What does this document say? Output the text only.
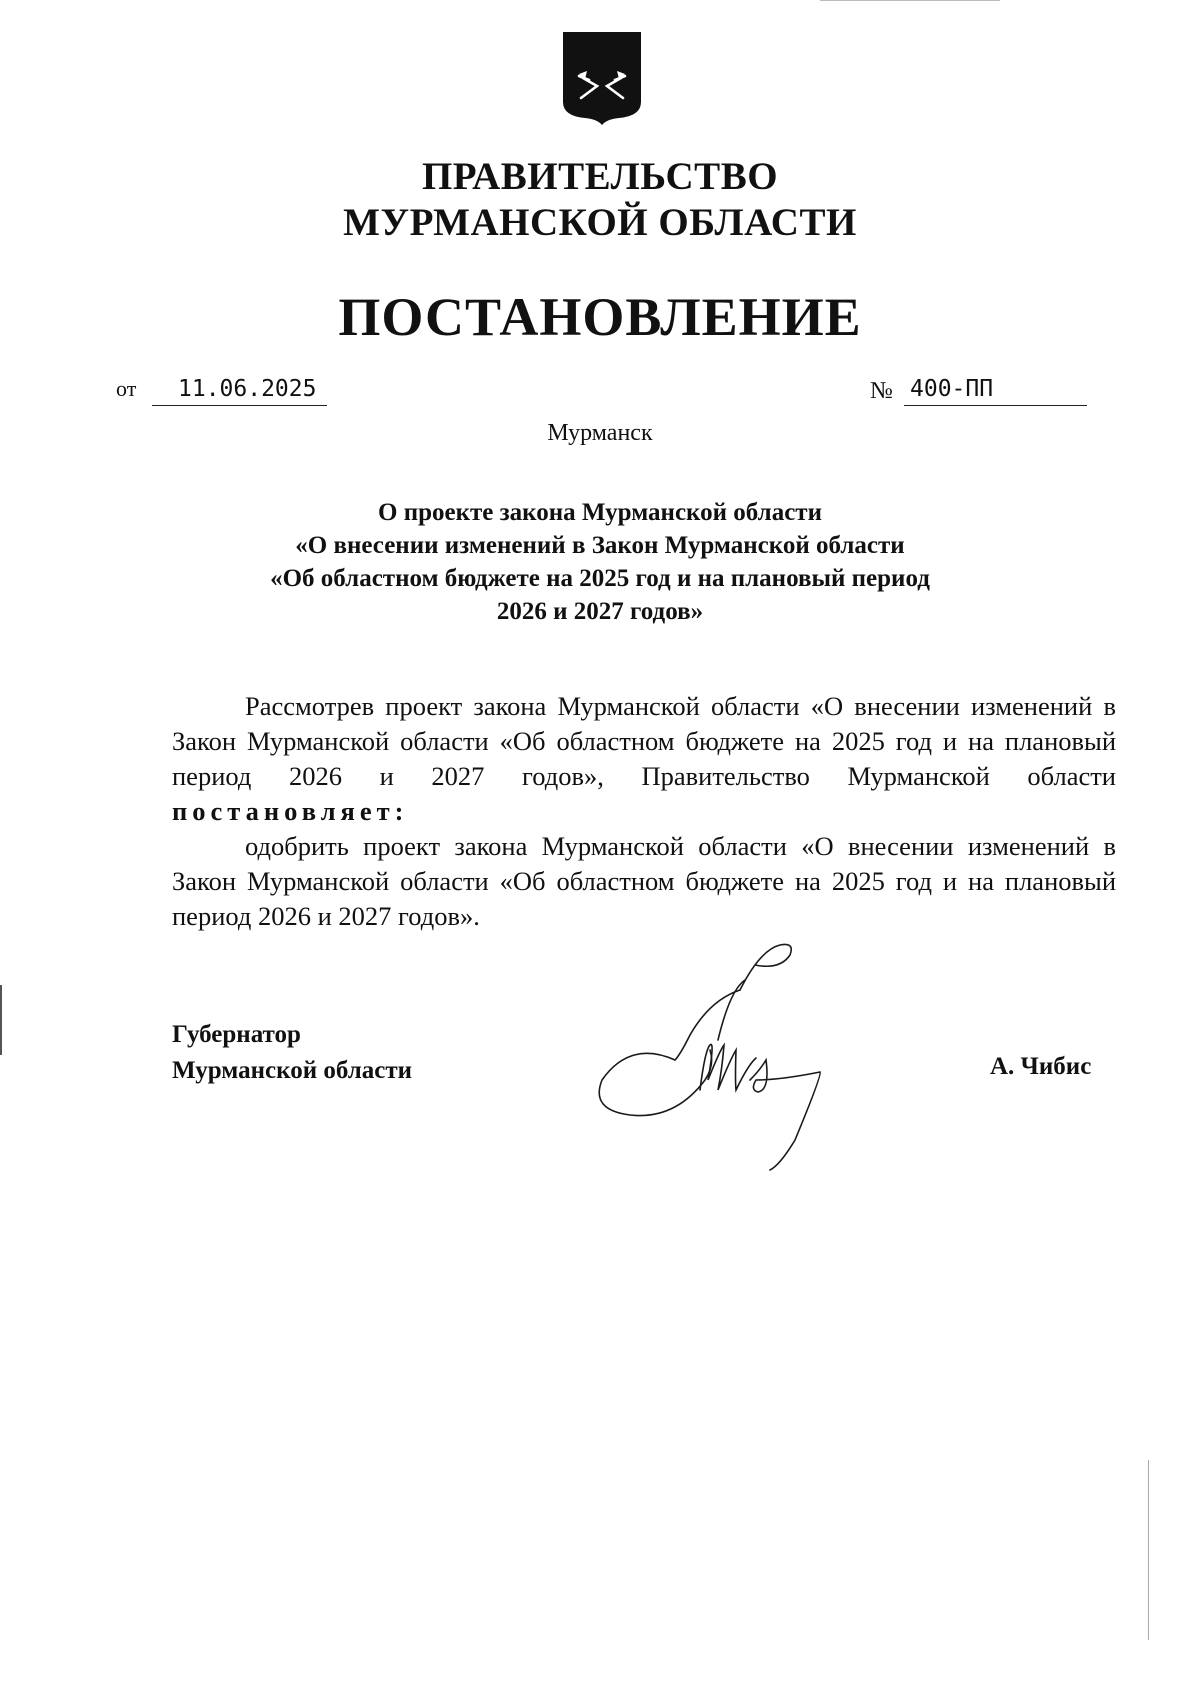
ПРАВИТЕЛЬСТВО
МУРМАНСКОЙ ОБЛАСТИ
ПОСТАНОВЛЕНИЕ
от	11.06.2025	№ 400-ПП
Мурманск
О проекте закона Мурманской области
«О внесении изменений в Закон Мурманской области
«Об областном бюджете на 2025 год и на плановый период
2026 и 2027 годов»

Рассмотрев проект закона Мурманской области «О внесении изменений в Закон Мурманской области «Об областном бюджете на 2025 год и на плановый период 2026 и 2027 годов», Правительство Мурманской области постановляет:

одобрить проект закона Мурманской области «О внесении изменений в Закон Мурманской области «Об областном бюджете на 2025 год и на плановый период 2026 и 2027 годов».

Губернатор
Мурманской области	А. Чибис
